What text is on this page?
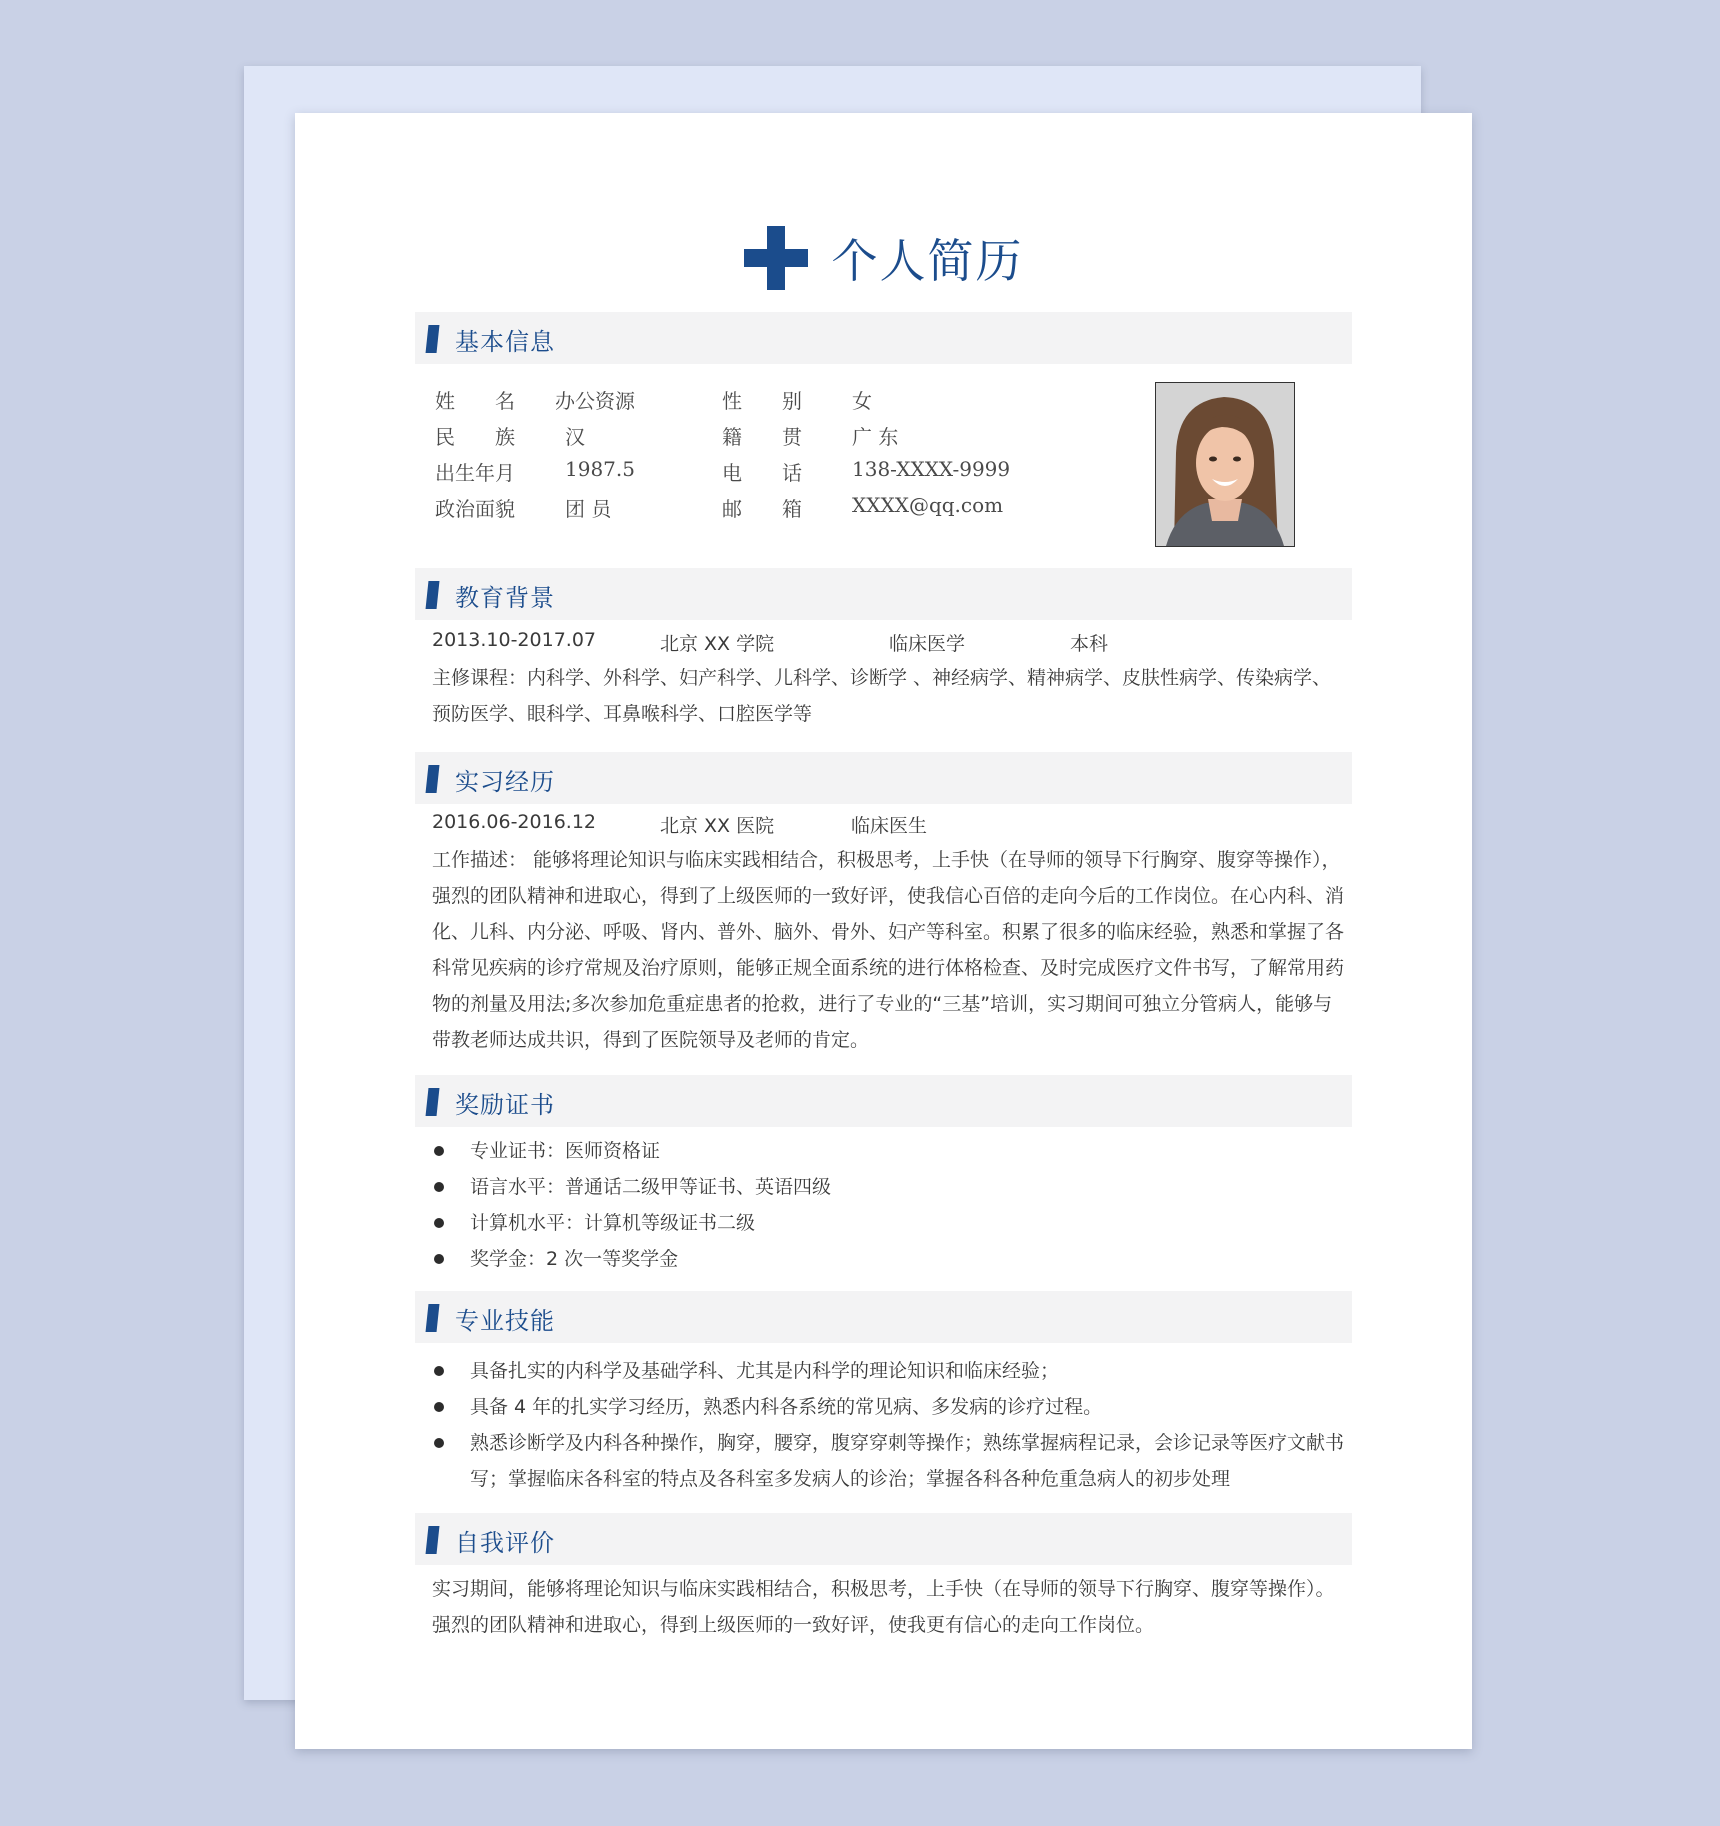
个人简历
基本信息
姓　　名 办公资源	性　　别	女
民　　族	汉	籍　　贯	广 东
出生年月	1987.5	电　　话	138-XXXX-9999
政治面貌	团 员	邮　　箱	XXXX@qq.com
教育背景
2013.10-2017.07	北京 XX 学院	临床医学	本科
主修课程：内科学、外科学、妇产科学、儿科学、诊断学 、神经病学、精神病学、皮肤性病学、传染病学、预防医学、眼科学、耳鼻喉科学、口腔医学等
实习经历
2016.06-2016.12	北京 XX 医院	临床医生
工作描述： 能够将理论知识与临床实践相结合，积极思考，上手快（在导师的领导下行胸穿、腹穿等操作），强烈的团队精神和进取心，得到了上级医师的一致好评，使我信心百倍的走向今后的工作岗位。在心内科、消化、儿科、内分泌、呼吸、肾内、普外、脑外、骨外、妇产等科室。积累了很多的临床经验，熟悉和掌握了各科常见疾病的诊疗常规及治疗原则，能够正规全面系统的进行体格检查、及时完成医疗文件书写，了解常用药物的剂量及用法;多次参加危重症患者的抢救，进行了专业的“三基”培训，实习期间可独立分管病人，能够与带教老师达成共识，得到了医院领导及老师的肯定。
奖励证书
专业证书：医师资格证
语言水平：普通话二级甲等证书、英语四级
计算机水平：计算机等级证书二级
奖学金：2 次一等奖学金
专业技能
具备扎实的内科学及基础学科、尤其是内科学的理论知识和临床经验；
具备 4 年的扎实学习经历，熟悉内科各系统的常见病、多发病的诊疗过程。
熟悉诊断学及内科各种操作，胸穿，腰穿，腹穿穿刺等操作；熟练掌握病程记录，会诊记录等医疗文献书写；掌握临床各科室的特点及各科室多发病人的诊治；掌握各科各种危重急病人的初步处理
自我评价
实习期间，能够将理论知识与临床实践相结合，积极思考，上手快（在导师的领导下行胸穿、腹穿等操作）。强烈的团队精神和进取心，得到上级医师的一致好评，使我更有信心的走向工作岗位。
